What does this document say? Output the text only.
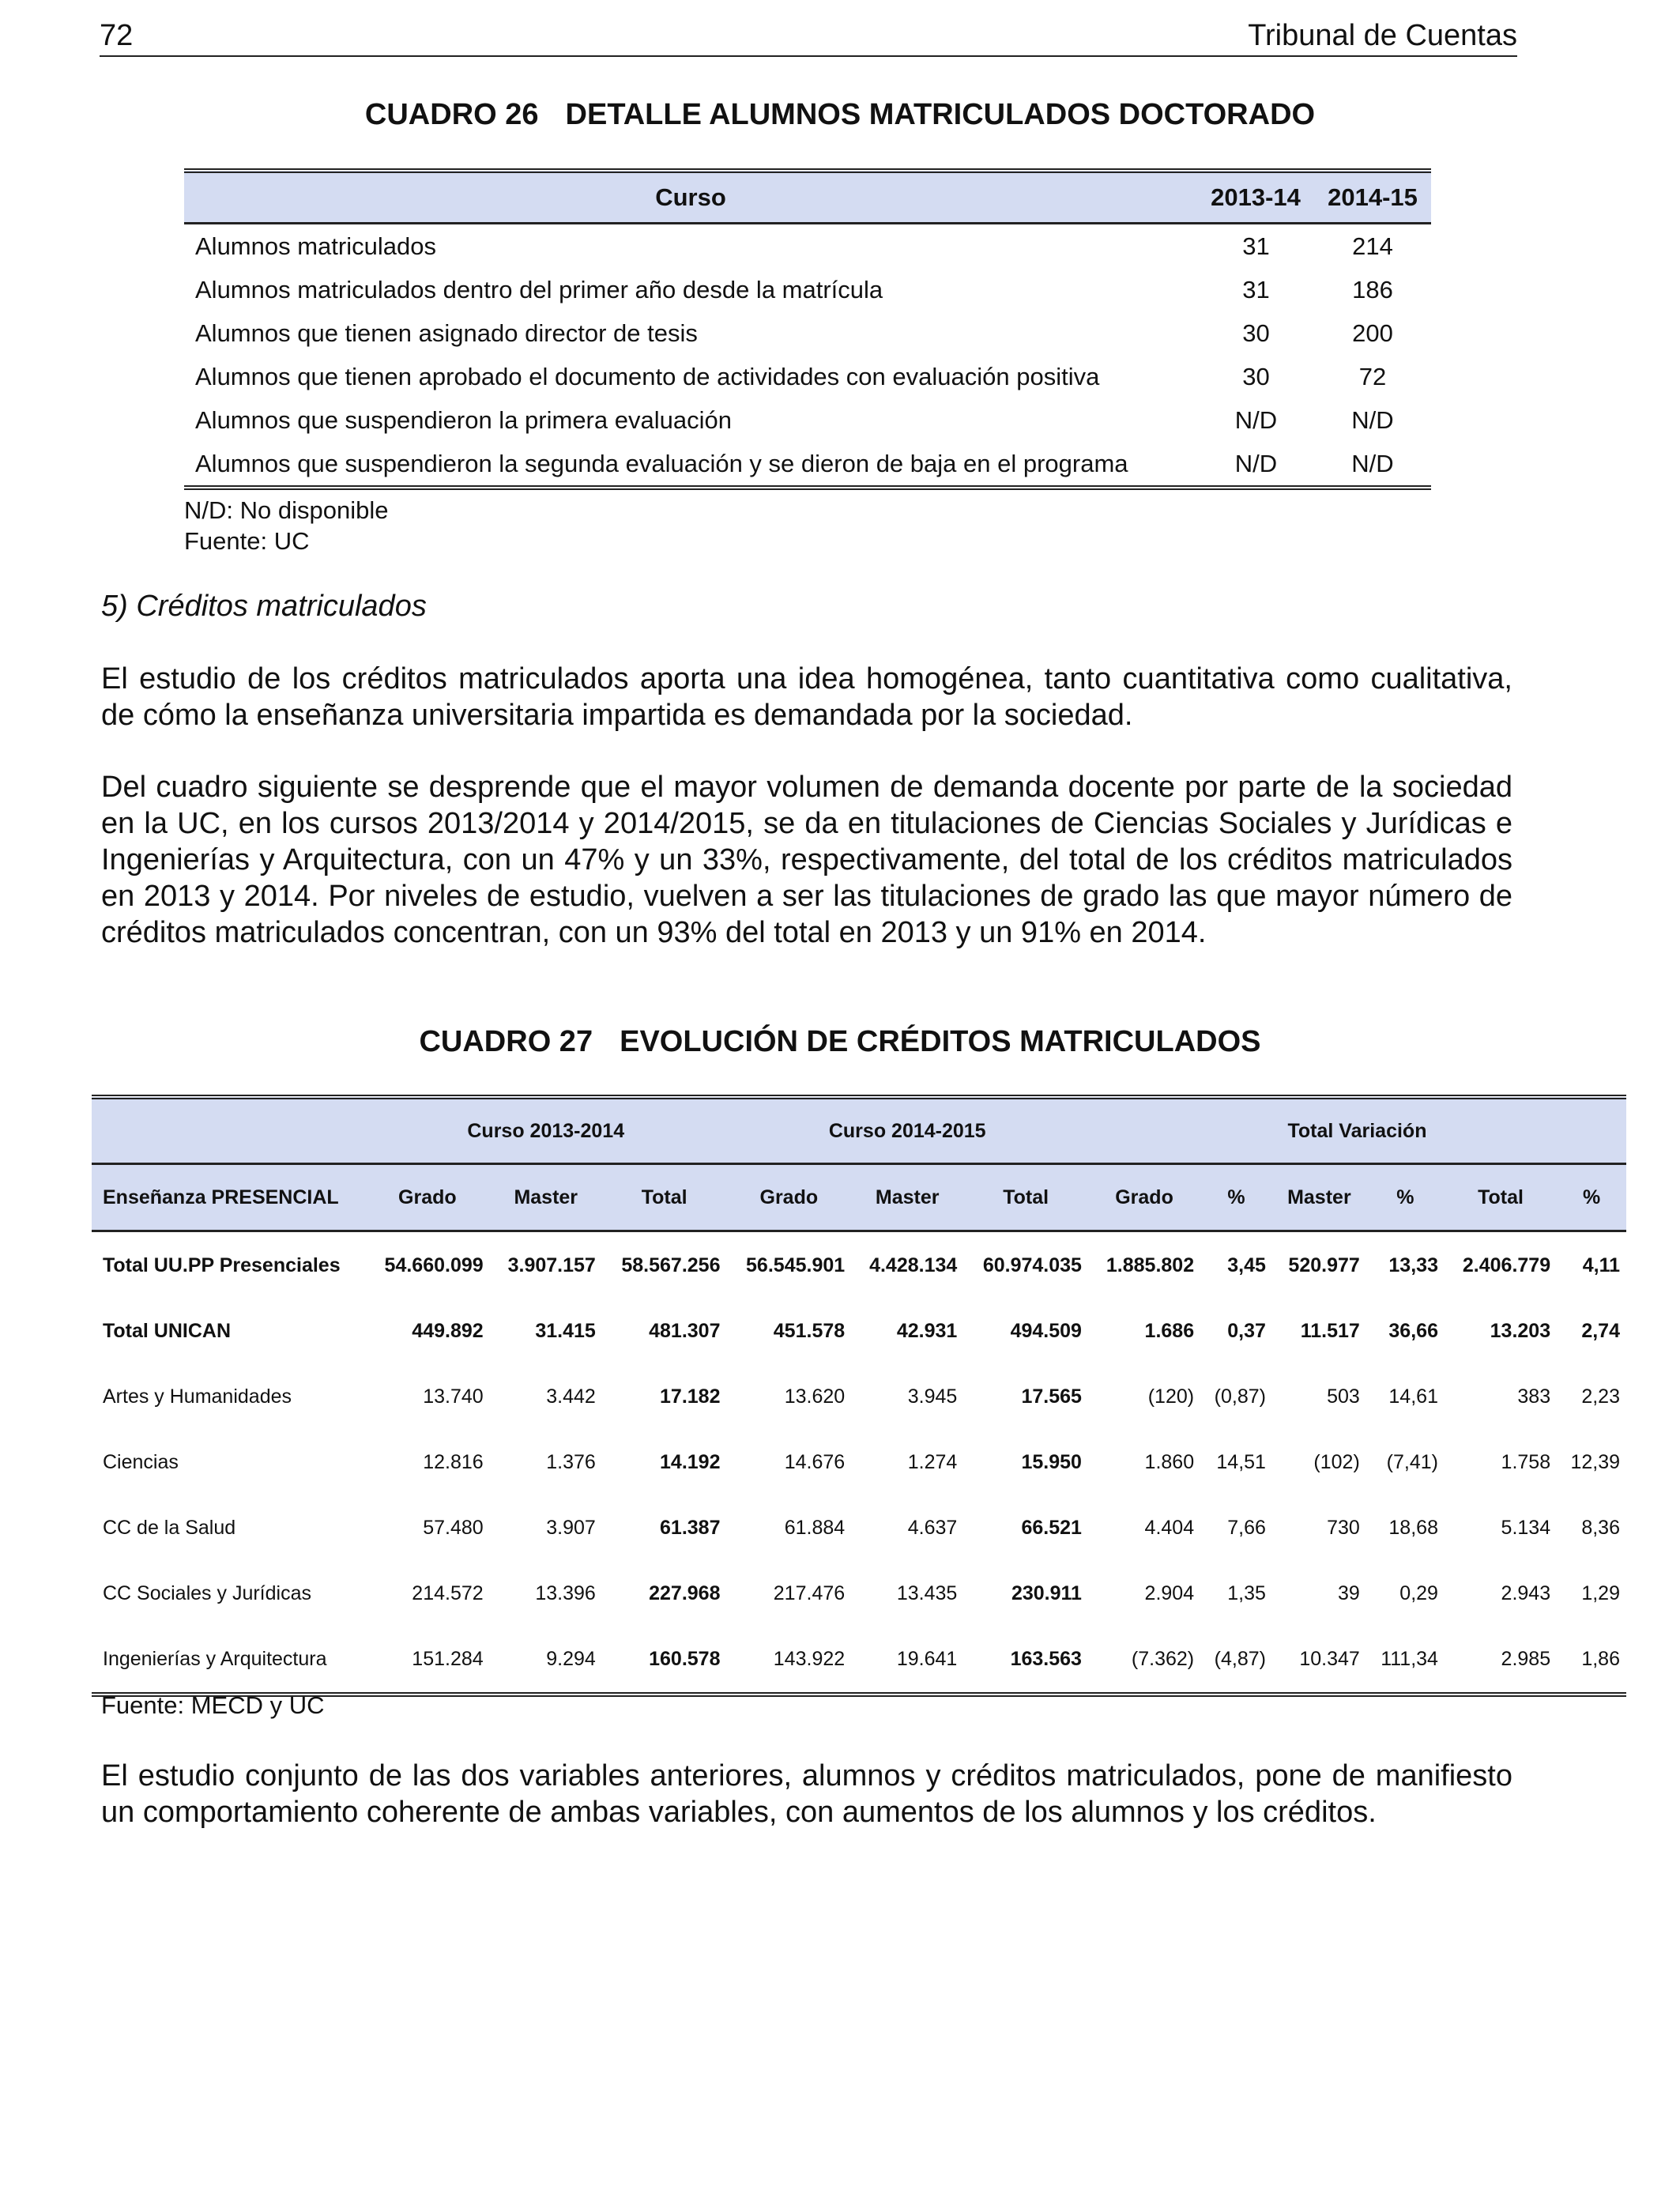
72	Tribunal de Cuentas
CUADRO 26 DETALLE ALUMNOS MATRICULADOS DOCTORADO
Curso	2013-14	2014-15
Alumnos matriculados	31	214
Alumnos matriculados dentro del primer año desde la matrícula	31	186
Alumnos que tienen asignado director de tesis	30	200
Alumnos que tienen aprobado el documento de actividades con evaluación positiva	30	72
Alumnos que suspendieron la primera evaluación	N/D	N/D
Alumnos que suspendieron la segunda evaluación y se dieron de baja en el programa	N/D	N/D
N/D: No disponible
Fuente: UC
5) Créditos matriculados
El estudio de los créditos matriculados aporta una idea homogénea, tanto cuantitativa como cualitativa, de cómo la enseñanza universitaria impartida es demandada por la sociedad.
Del cuadro siguiente se desprende que el mayor volumen de demanda docente por parte de la sociedad en la UC, en los cursos 2013/2014 y 2014/2015, se da en titulaciones de Ciencias Sociales y Jurídicas e Ingenierías y Arquitectura, con un 47% y un 33%, respectivamente, del total de los créditos matriculados en 2013 y 2014. Por niveles de estudio, vuelven a ser las titulaciones de grado las que mayor número de créditos matriculados concentran, con un 93% del total en 2013 y un 91% en 2014.
CUADRO 27 EVOLUCIÓN DE CRÉDITOS MATRICULADOS
	Curso 2013-2014			Curso 2014-2015			Total Variación					
Enseñanza PRESENCIAL	Grado	Master	Total	Grado	Master	Total	Grado	%	Master	%	Total	%
Total UU.PP Presenciales	54.660.099	3.907.157	58.567.256	56.545.901	4.428.134	60.974.035	1.885.802	3,45	520.977	13,33	2.406.779	4,11
Total UNICAN	449.892	31.415	481.307	451.578	42.931	494.509	1.686	0,37	11.517	36,66	13.203	2,74
Artes y Humanidades	13.740	3.442	17.182	13.620	3.945	17.565	(120)	(0,87)	503	14,61	383	2,23
Ciencias	12.816	1.376	14.192	14.676	1.274	15.950	1.860	14,51	(102)	(7,41)	1.758	12,39
CC de la Salud	57.480	3.907	61.387	61.884	4.637	66.521	4.404	7,66	730	18,68	5.134	8,36
CC Sociales y Jurídicas	214.572	13.396	227.968	217.476	13.435	230.911	2.904	1,35	39	0,29	2.943	1,29
Ingenierías y Arquitectura	151.284	9.294	160.578	143.922	19.641	163.563	(7.362)	(4,87)	10.347	111,34	2.985	1,86
Fuente: MECD y UC
El estudio conjunto de las dos variables anteriores, alumnos y créditos matriculados, pone de manifiesto un comportamiento coherente de ambas variables, con aumentos de los alumnos y los créditos.
